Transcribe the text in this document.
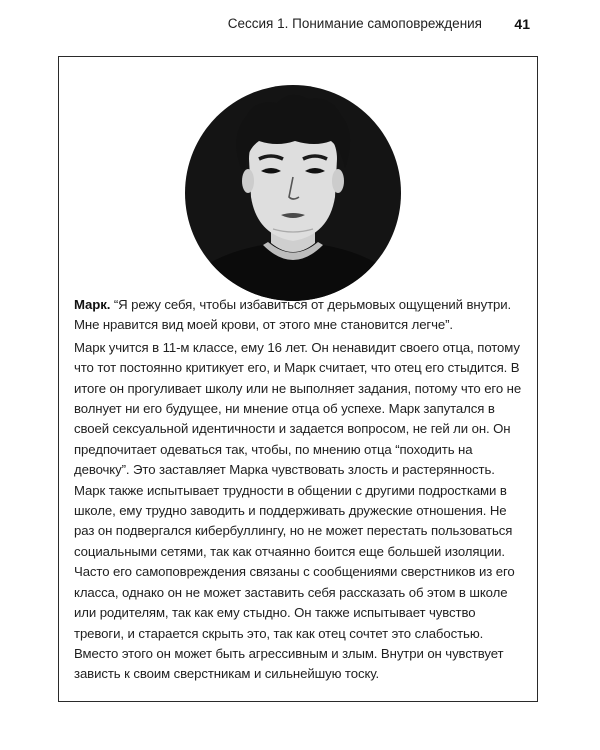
Сессия 1. Понимание самоповреждения 41

Марк. “Я режу себя, чтобы избавиться от дерьмовых ощущений внутри. Мне нравится вид моей крови, от этого мне становится легче”.

Марк учится в 11-м классе, ему 16 лет. Он ненавидит своего отца, потому что тот постоянно критикует его, и Марк считает, что отец его стыдится. В итоге он прогуливает школу или не выполняет задания, потому что его не волнует ни его будущее, ни мнение отца об успехе. Марк запутался в своей сексуальной идентичности и задается вопросом, не гей ли он. Он предпочитает одеваться так, чтобы, по мнению отца “походить на девочку”. Это заставляет Марка чувствовать злость и растерянность. Марк также испытывает трудности в общении с другими подростками в школе, ему трудно заводить и поддерживать дружеские отношения. Не раз он подвергался кибербуллингу, но не может перестать пользоваться социальными сетями, так как отчаянно боится еще большей изоляции. Часто его самоповреждения связаны с сообщениями сверстников из его класса, однако он не может заставить себя рассказать об этом в школе или родителям, так как ему стыдно. Он также испытывает чувство тревоги, и старается скрыть это, так как отец сочтет это слабостью. Вместо этого он может быть агрессивным и злым. Внутри он чувствует зависть к своим сверстникам и сильнейшую тоску.
